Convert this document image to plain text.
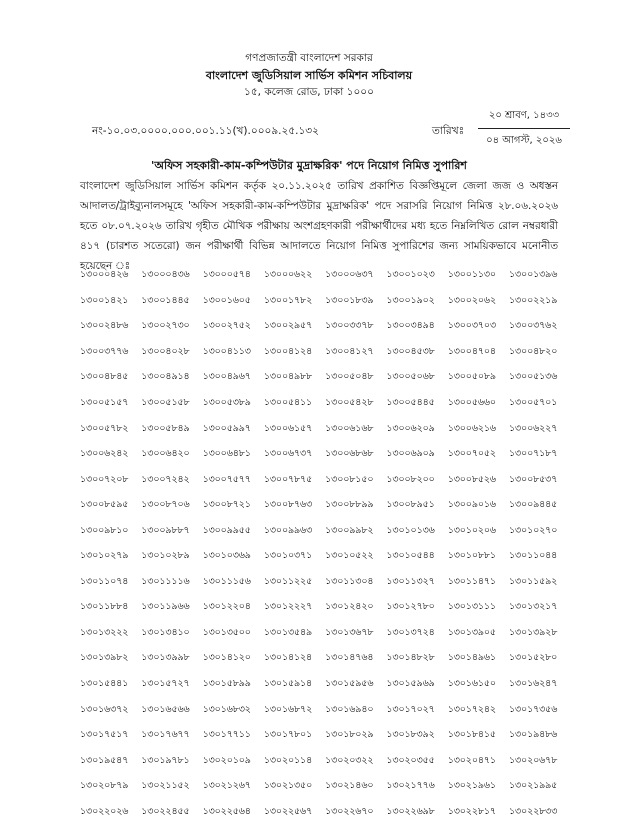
গণপ্রজাতন্ত্রী বাংলাদেশ সরকার
বাংলাদেশ জুডিসিয়াল সার্ভিস কমিশন সচিবালয়
১৫, কলেজ রোড, ঢাকা ১০০০
নং-১০.০৩.০০০০.০০০.০০১.১১(খ).০০০৯.২৫.১৩২	তারিখঃ
২০ শ্রাবণ, ১৪৩৩
০৪ আগস্ট, ২০২৬
'অফিস সহকারী-কাম-কম্পিউটার মুদ্রাক্ষরিক' পদে নিয়োগ নিমিত্ত সুপারিশ
বাংলাদেশ জুডিসিয়াল সার্ভিস কমিশন কর্তৃক ২০.১১.২০২৫ তারিখ প্রকাশিত বিজ্ঞপ্তিমূলে জেলা জজ ও অধস্তন আদালত/ট্রাইব্যুনালসমূহে 'অফিস সহকারী-কাম-কম্পিউটার মুদ্রাক্ষরিক' পদে সরাসরি নিয়োগ নিমিত্ত ২৮.০৬.২০২৬ হতে ০৮.০৭.২০২৬ তারিখ গৃহীত মৌখিক পরীক্ষায় অংশগ্রহণকারী পরীক্ষার্থীদের মধ্য হতে নিম্নলিখিত রোল নম্বরধারী ৪১৭ (চারশত সতেরো) জন পরীক্ষার্থী বিভিন্ন আদালতে নিয়োগ নিমিত্ত সুপারিশের জন্য সাময়িকভাবে মনোনীত হয়েছেন ঃ
১৩০০০৪২৬	১৩০০০৪৩৬	১৩০০০৫৭৪	১৩০০০৬২২	১৩০০০৬৩৭	১৩০০১০২৩	১৩০০১১৩০	১৩০০১৩৯৬
১৩০০১৪২১	১৩০০১৪৪৫	১৩০০১৬০৫	১৩০০১৭৮২	১৩০০১৮৩৯	১৩০০১৯০২	১৩০০২০৬২	১৩০০২২১৯
১৩০০২৪৮৬	১৩০০২৭৩০	১৩০০২৭৫২	১৩০০২৯৫৭	১৩০০৩৩৭৮	১৩০০৩৪৯৪	১৩০০৩৭০৩	১৩০০৩৭৬২
১৩০০৩৭৭৬	১৩০০৪০২৮	১৩০০৪১১৩	১৩০০৪১২৪	১৩০০৪১২৭	১৩০০৪৫৩৮	১৩০০৪৭০৪	১৩০০৪৮২০
১৩০০৪৮৪৫	১৩০০৪৯১৪	১৩০০৪৯৬৭	১৩০০৪৯৮৮	১৩০০৫০৪৮	১৩০০৫০৬৮	১৩০০৫০৮৯	১৩০০৫১৩৬
১৩০০৫১৫৭	১৩০০৫১৫৮	১৩০০৫৩৮৯	১৩০০৫৪১১	১৩০০৫৪২৮	১৩০০৫৪৪৫	১৩০০৫৬৬০	১৩০০৫৭০১
১৩০০৫৭৮২	১৩০০৫৮৪৯	১৩০০৫৯৯৭	১৩০০৬১৫৭	১৩০০৬১৬৮	১৩০০৬২০৯	১৩০০৬২১৬	১৩০০৬২২৭
১৩০০৬২৪২	১৩০০৬৪২০	১৩০০৬৪৮১	১৩০০৬৭৩৭	১৩০০৬৮৬৮	১৩০০৬৯০৯	১৩০০৭০৫২	১৩০০৭১৮৭
১৩০০৭২০৮	১৩০০৭২৪২	১৩০০৭৫৭৭	১৩০০৭৮৭৫	১৩০০৮১৫০	১৩০০৮২০০	১৩০০৮৫২৬	১৩০০৮৫৩৭
১৩০০৮৫৯৫	১৩০০৮৭০৬	১৩০০৮৭২১	১৩০০৮৭৬৩	১৩০০৮৮৯৯	১৩০০৮৯৫১	১৩০০৯০১৬	১৩০০৯৪৪৫
১৩০০৯৮১০	১৩০০৯৮৮৭	১৩০০৯৯৫৫	১৩০০৯৯৬৩	১৩০০৯৯৮২	১৩০১০১৩৬	১৩০১০২০৬	১৩০১০২৭০
১৩০১০২৭৯	১৩০১০২৮৯	১৩০১০৩৬৯	১৩০১০৩৭১	১৩০১০৫২২	১৩০১০৫৪৪	১৩০১০৮৮১	১৩০১১০৪৪
১৩০১১০৭৪	১৩০১১১১৬	১৩০১১১৫৬	১৩০১১২২৫	১৩০১১৩০৪	১৩০১১৩২৭	১৩০১১৪৭১	১৩০১১৫৯২
১৩০১১৮৮৪	১৩০১১৯৬৬	১৩০১২২০৪	১৩০১২২২৭	১৩০১২৪২০	১৩০১২৭৮০	১৩০১৩১১১	১৩০১৩২১৭
১৩০১৩২২২	১৩০১৩৪১০	১৩০১৩৫০০	১৩০১৩৫৪৯	১৩০১৩৬৭৮	১৩০১৩৭২৪	১৩০১৩৯০৫	১৩০১৩৯২৮
১৩০১৩৯৮২	১৩০১৩৯৯৮	১৩০১৪১২০	১৩০১৪১২৪	১৩০১৪৭৬৪	১৩০১৪৮২৮	১৩০১৪৯৬১	১৩০১৫২৮০
১৩০১৫৪৪১	১৩০১৫৭২৭	১৩০১৫৮৯৯	১৩০১৫৯১৪	১৩০১৫৯৫৬	১৩০১৫৯৬৯	১৩০১৬১৫০	১৩০১৬২৪৭
১৩০১৬৩৭২	১৩০১৬৫৬৬	১৩০১৬৮৩২	১৩০১৬৮৭২	১৩০১৬৯৪০	১৩০১৭০২৭	১৩০১৭২৪২	১৩০১৭৩৫৬
১৩০১৭৫১৭	১৩০১৭৬৭৭	১৩০১৭৭১১	১৩০১৭৮০১	১৩০১৮০২৯	১৩০১৮৩৯২	১৩০১৮৪১৫	১৩০১৯৪৮৬
১৩০১৯৫৪৭	১৩০১৯৭৮১	১৩০২০১০৯	১৩০২০১১৪	১৩০২০৩২২	১৩০২০৩৫৫	১৩০২০৪৭১	১৩০২০৬৭৮
১৩০২০৮৭৯	১৩০২১১৫২	১৩০২১২৬৭	১৩০২১৩৫০	১৩০২১৪৬০	১৩০২১৭৭৬	১৩০২১৯৬১	১৩০২১৯৯৫
১৩০২২০২৬	১৩০২২৪৫৫	১৩০২২৫৬৪	১৩০২২৫৬৭	১৩০২২৬৭০	১৩০২২৬৯৮	১৩০২২৮১৭	১৩০২২৮৩৩
